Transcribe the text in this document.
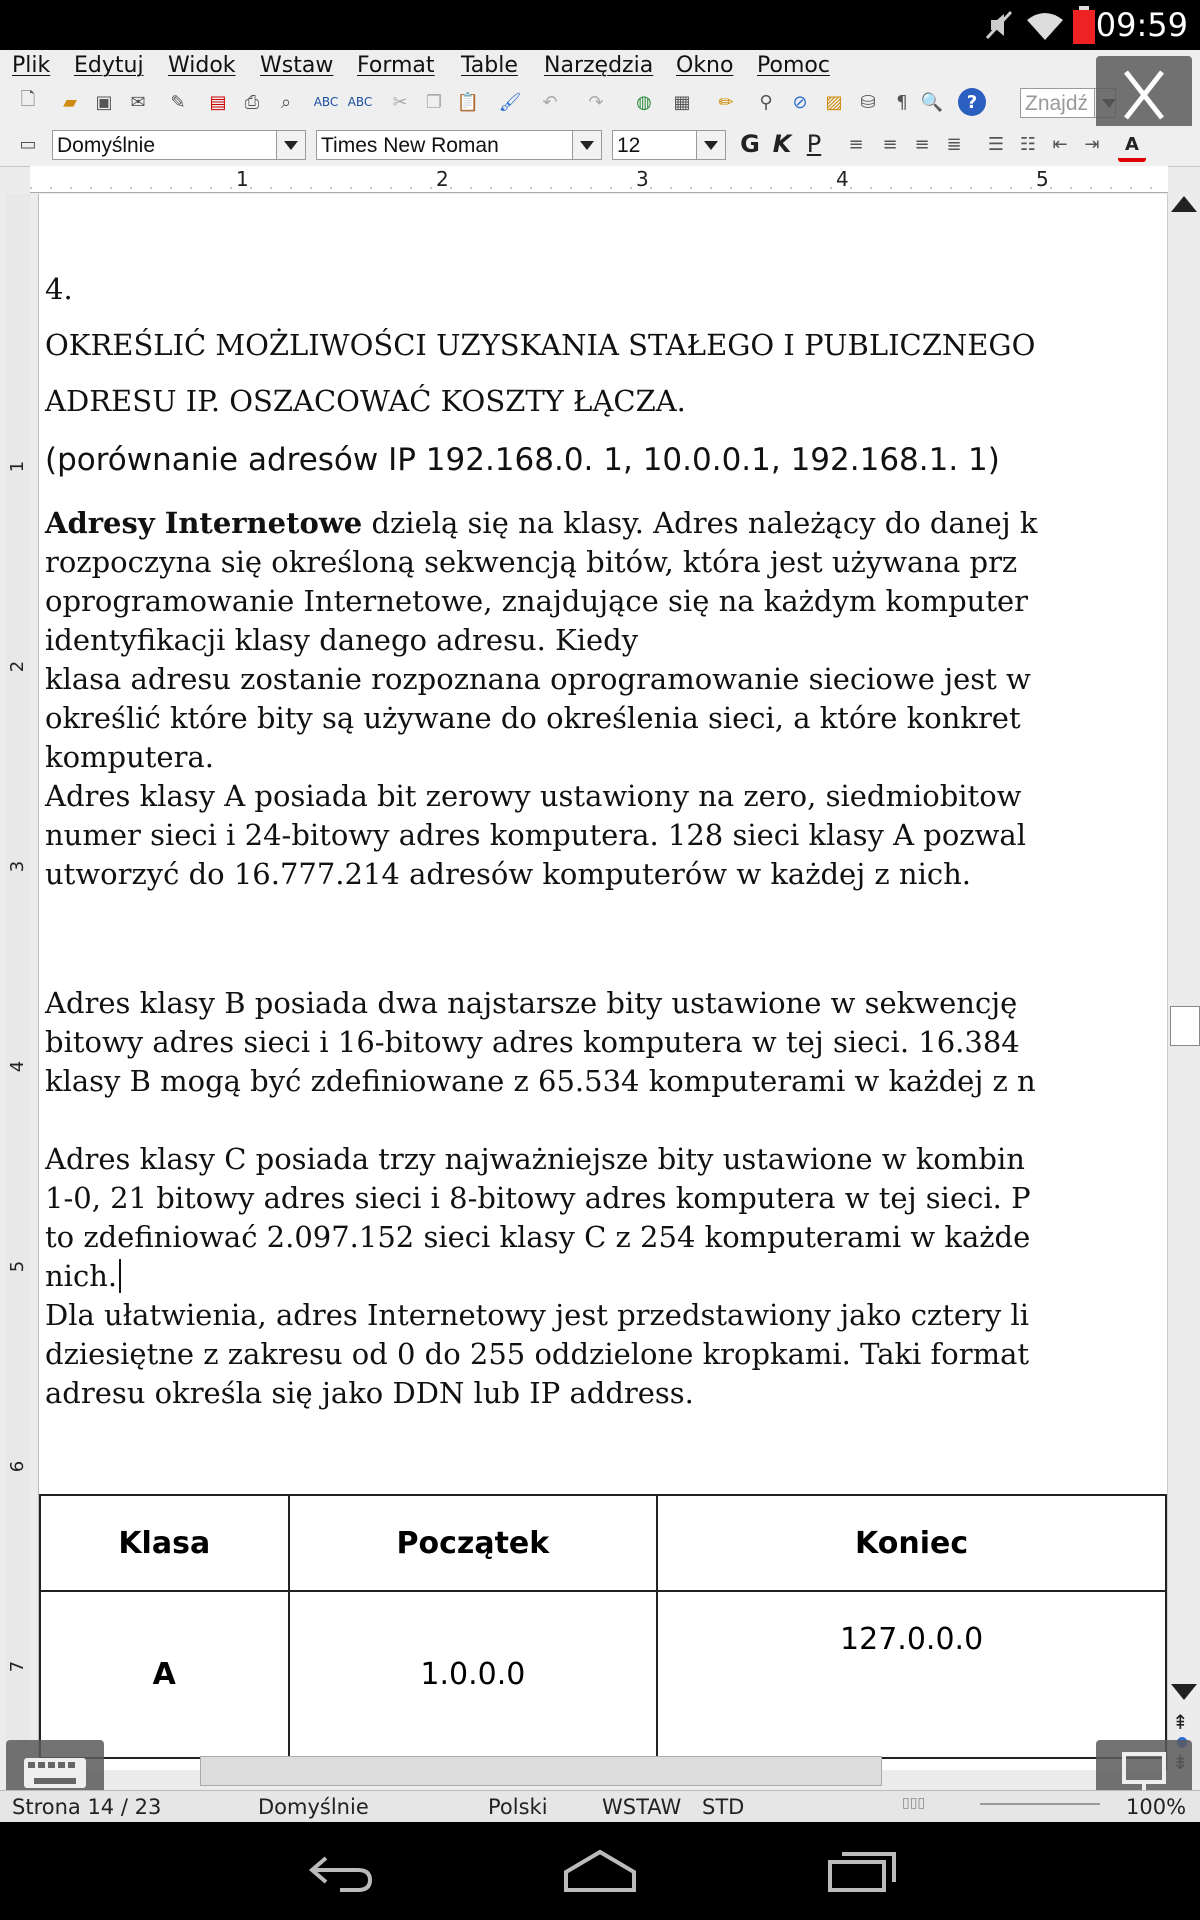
09:59
Plik Edytuj Widok Wstaw Format Table Narzędzia Okno Pomoc
🗋	▰	▣ ✉	✎	▤	⎙	⌕	ABC ABC	✂	❐ 📋 🖌	↶	↷	◍	▦	✏	⚲	⊘ ▨ ⛁	¶ 🔍	?	Znajdź
▭ Domyślnie	Times New Roman	12	G K P	≡	≡ ≡ ≣	☰ ☷ ⇤ ⇥	A
1	2	3	4	5
1
2
3
4
5
6
7
4.
OKREŚLIĆ MOŻLIWOŚCI UZYSKANIA STAŁEGO I PUBLICZNEGO
ADRESU IP. OSZACOWAĆ KOSZTY ŁĄCZA.
(porównanie adresów IP 192.168.0. 1, 10.0.0.1, 192.168.1. 1)
Adresy Internetowe dzielą się na klasy. Adres należący do danej k
rozpoczyna się określoną sekwencją bitów, która jest używana prz
oprogramowanie Internetowe, znajdujące się na każdym komputer
identyfikacji klasy danego adresu. Kiedy
klasa adresu zostanie rozpoznana oprogramowanie sieciowe jest w
określić które bity są używane do określenia sieci, a które konkret
komputera.
Adres klasy A posiada bit zerowy ustawiony na zero, siedmiobitow
numer sieci i 24-bitowy adres komputera. 128 sieci klasy A pozwal
utworzyć do 16.777.214 adresów komputerów w każdej z nich.
Adres klasy B posiada dwa najstarsze bity ustawione w sekwencję
bitowy adres sieci i 16-bitowy adres komputera w tej sieci. 16.384
klasy B mogą być zdefiniowane z 65.534 komputerami w każdej z n
Adres klasy C posiada trzy najważniejsze bity ustawione w kombin
1-0, 21 bitowy adres sieci i 8-bitowy adres komputera w tej sieci. P
to zdefiniować 2.097.152 sieci klasy C z 254 komputerami w każde
nich.
Dla ułatwienia, adres Internetowy jest przedstawiony jako cztery li
dziesiętne z zakresu od 0 do 255 oddzielone kropkami. Taki format
adresu określa się jako DDN lub IP address.
Klasa	Początek	Koniec
A	1.0.0.0	127.0.0.0

⇞
Strona 14 / 23	Domyślnie	Polski	WSTAW STD	▯▯▯	100%
